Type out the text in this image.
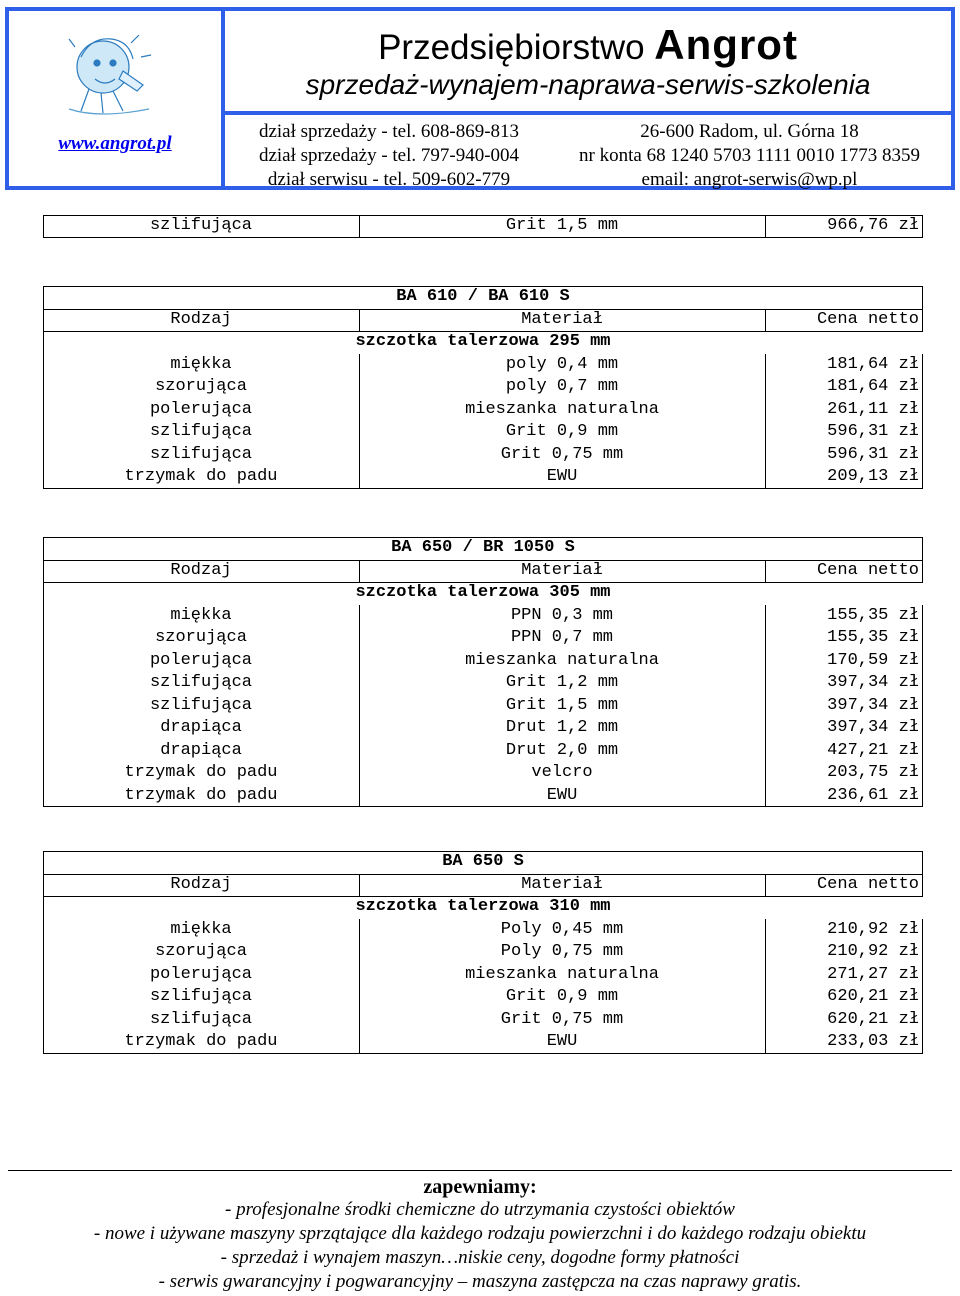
www.angrot.pl
Przedsiębiorstwo Angrot
sprzedaż-wynajem-naprawa-serwis-szkolenia
dział sprzedaży - tel. 608-869-813
dział sprzedaży - tel. 797-940-004
dział serwisu - tel. 509-602-779
26-600 Radom, ul. Górna 18
nr konta 68 1240 5703 1111 0010 1773 8359
email: angrot-serwis@wp.pl
szlifująca	Grit 1,5 mm	966,76 zł
BA 610 / BA 610 S
Rodzaj	Materiał	Cena netto
szczotka talerzowa 295 mm
miękka	poly 0,4 mm	181,64 zł
szorująca	poly 0,7 mm	181,64 zł
polerująca	mieszanka naturalna	261,11 zł
szlifująca	Grit 0,9 mm	596,31 zł
szlifująca	Grit 0,75 mm	596,31 zł
trzymak do padu	EWU	209,13 zł
BA 650 / BR 1050 S
Rodzaj	Materiał	Cena netto
szczotka talerzowa 305 mm
miękka	PPN 0,3 mm	155,35 zł
szorująca	PPN 0,7 mm	155,35 zł
polerująca	mieszanka naturalna	170,59 zł
szlifująca	Grit 1,2 mm	397,34 zł
szlifująca	Grit 1,5 mm	397,34 zł
drapiąca	Drut 1,2 mm	397,34 zł
drapiąca	Drut 2,0 mm	427,21 zł
trzymak do padu	velcro	203,75 zł
trzymak do padu	EWU	236,61 zł
BA 650 S
Rodzaj	Materiał	Cena netto
szczotka talerzowa 310 mm
miękka	Poly 0,45 mm	210,92 zł
szorująca	Poly 0,75 mm	210,92 zł
polerująca	mieszanka naturalna	271,27 zł
szlifująca	Grit 0,9 mm	620,21 zł
szlifująca	Grit 0,75 mm	620,21 zł
trzymak do padu	EWU	233,03 zł
zapewniamy:
- profesjonalne środki chemiczne do utrzymania czystości obiektów
- nowe i używane maszyny sprzątające dla każdego rodzaju powierzchni i do każdego rodzaju obiektu
- sprzedaż i wynajem maszyn…niskie ceny, dogodne formy płatności
- serwis gwarancyjny i pogwarancyjny – maszyna zastępcza na czas naprawy gratis.
